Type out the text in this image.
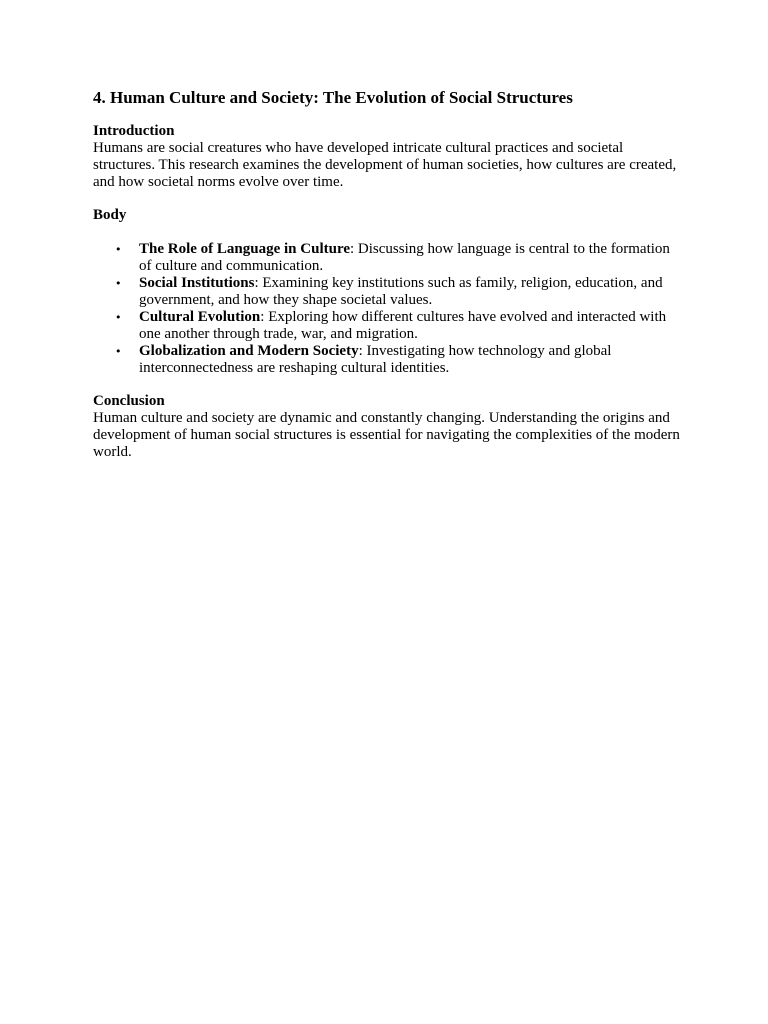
4. Human Culture and Society: The Evolution of Social Structures

Introduction

Humans are social creatures who have developed intricate cultural practices and societal structures. This research examines the development of human societies, how cultures are created, and how societal norms evolve over time.

Body

• The Role of Language in Culture: Discussing how language is central to the formation of culture and communication.
• Social Institutions: Examining key institutions such as family, religion, education, and government, and how they shape societal values.
• Cultural Evolution: Exploring how different cultures have evolved and interacted with one another through trade, war, and migration.
• Globalization and Modern Society: Investigating how technology and global interconnectedness are reshaping cultural identities.

Conclusion

Human culture and society are dynamic and constantly changing. Understanding the origins and development of human social structures is essential for navigating the complexities of the modern world.
